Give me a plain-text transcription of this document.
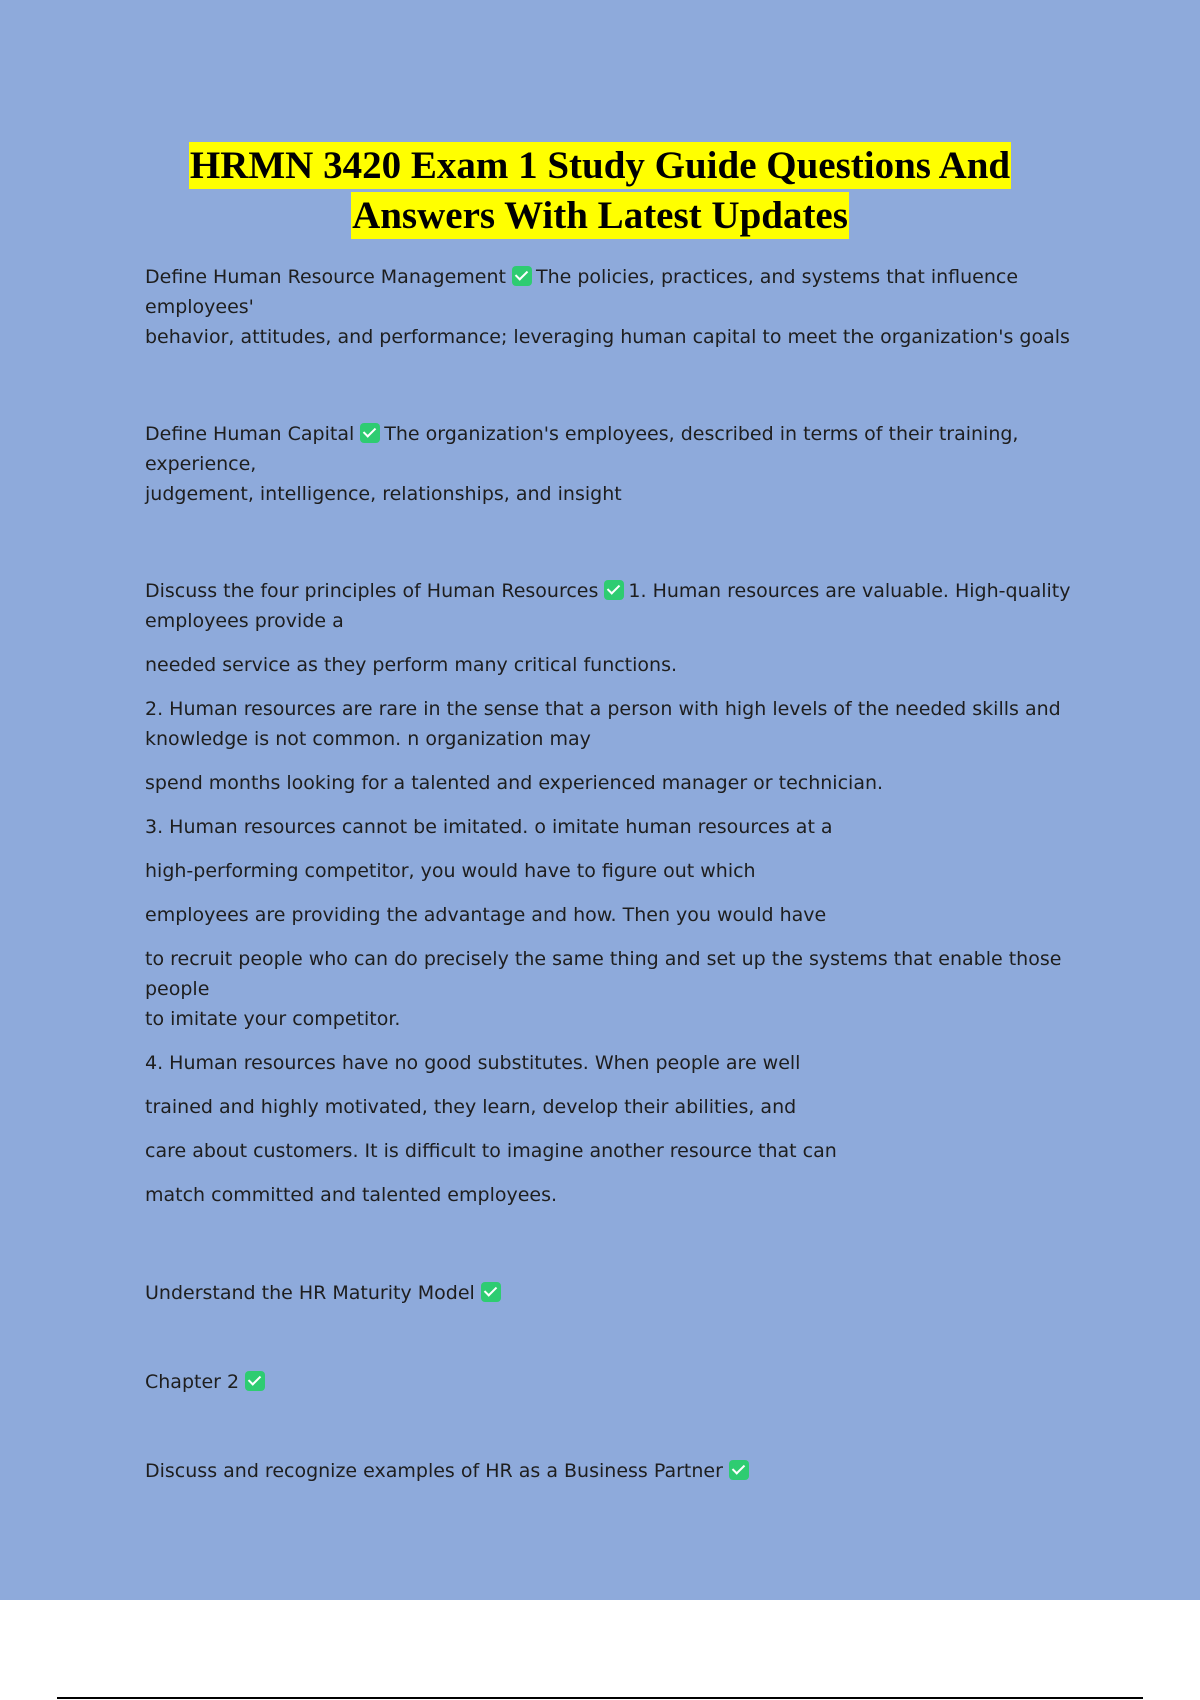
HRMN 3420 Exam 1 Study Guide Questions And
Answers With Latest Updates
Define Human Resource Management The policies, practices, and systems that influence employees'
behavior, attitudes, and performance; leveraging human capital to meet the organization's goals
Define Human Capital The organization's employees, described in terms of their training, experience,
judgement, intelligence, relationships, and insight
Discuss the four principles of Human Resources 1. Human resources are valuable. High-quality
employees provide a
needed service as they perform many critical functions.
2. Human resources are rare in the sense that a person with high levels of the needed skills and
knowledge is not common. n organization may
spend months looking for a talented and experienced manager or technician.
3. Human resources cannot be imitated. o imitate human resources at a
high-performing competitor, you would have to figure out which
employees are providing the advantage and how. Then you would have
to recruit people who can do precisely the same thing and set up the systems that enable those people
to imitate your competitor.
4. Human resources have no good substitutes. When people are well
trained and highly motivated, they learn, develop their abilities, and
care about customers. It is difficult to imagine another resource that can
match committed and talented employees.
Understand the HR Maturity Model
Chapter 2
Discuss and recognize examples of HR as a Business Partner
